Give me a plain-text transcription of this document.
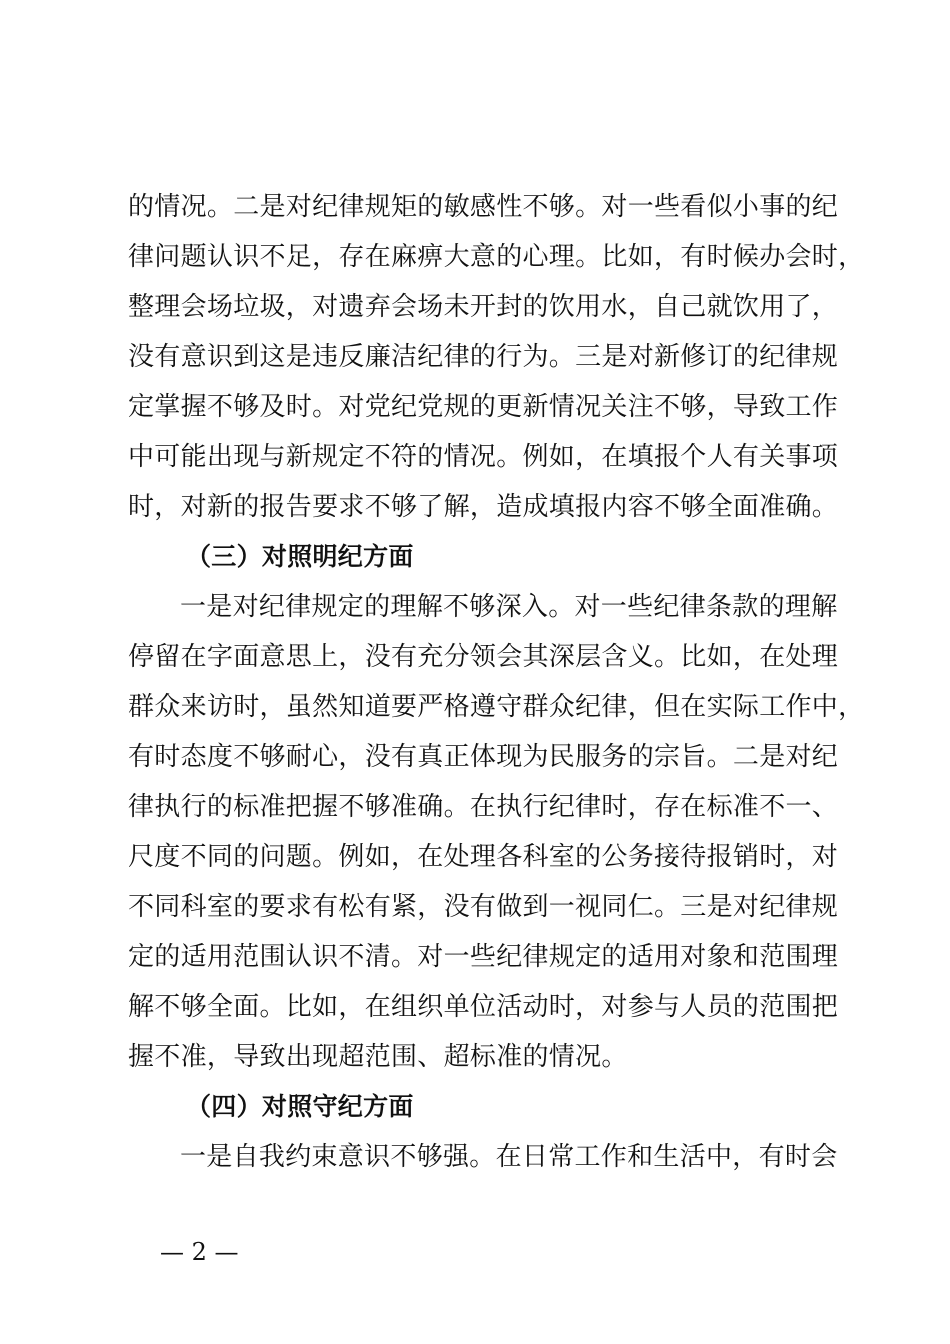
的情况。二是对纪律规矩的敏感性不够。对一些看似小事的纪
律问题认识不足，存在麻痹大意的心理。比如，有时候办会时，
整理会场垃圾，对遗弃会场未开封的饮用水，自己就饮用了，
没有意识到这是违反廉洁纪律的行为。三是对新修订的纪律规
定掌握不够及时。对党纪党规的更新情况关注不够，导致工作
中可能出现与新规定不符的情况。例如，在填报个人有关事项
时，对新的报告要求不够了解，造成填报内容不够全面准确。
（三）对照明纪方面
一是对纪律规定的理解不够深入。对一些纪律条款的理解
停留在字面意思上，没有充分领会其深层含义。比如，在处理
群众来访时，虽然知道要严格遵守群众纪律，但在实际工作中，
有时态度不够耐心，没有真正体现为民服务的宗旨。二是对纪
律执行的标准把握不够准确。在执行纪律时，存在标准不一、
尺度不同的问题。例如，在处理各科室的公务接待报销时，对
不同科室的要求有松有紧，没有做到一视同仁。三是对纪律规
定的适用范围认识不清。对一些纪律规定的适用对象和范围理
解不够全面。比如，在组织单位活动时，对参与人员的范围把
握不准，导致出现超范围、超标准的情况。
（四）对照守纪方面
一是自我约束意识不够强。在日常工作和生活中，有时会
— 2 —
